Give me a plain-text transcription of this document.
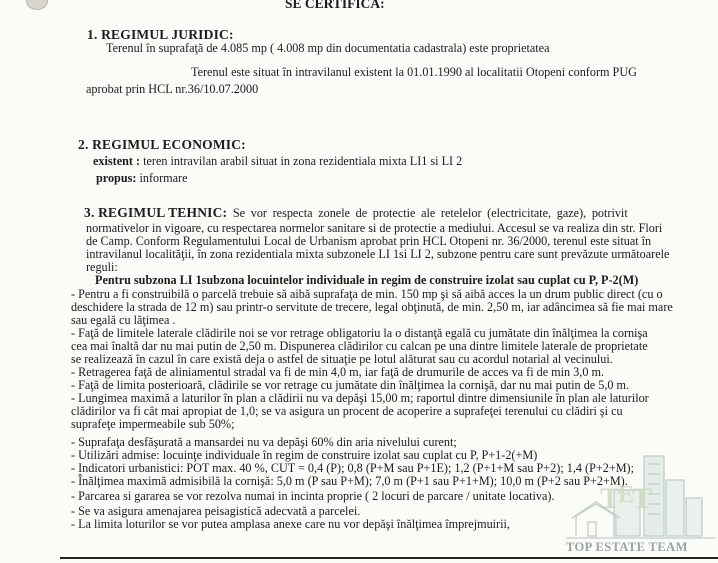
SE CERTIFICA:
1. REGIMUL JURIDIC:
Terenul în suprafaţă de 4.085 mp ( 4.008 mp din documentatia cadastrala) este proprietatea
Terenul este situat în intravilanul existent la 01.01.1990 al localitatii Otopeni conform PUG
aprobat prin HCL nr.36/10.07.2000
2. REGIMUL ECONOMIC:
existent : teren intravilan arabil situat in zona rezidentiala mixta LI1 si LI 2
propus: informare
3. REGIMUL TEHNIC: Se vor respecta zonele de protectie ale retelelor (electricitate, gaze), potrivit
normativelor in vigoare, cu respectarea normelor sanitare si de protectie a mediului. Accesul se va realiza din str. Flori
de Camp. Conform Regulamentului Local de Urbanism aprobat prin HCL Otopeni nr. 36/2000, terenul este situat în
intravilanul localităţii, în zona rezidentiala mixta subzonele LI 1si LI 2, subzone pentru care sunt prevăzute următoarele
reguli:
Pentru subzona LI 1subzona locuintelor individuale in regim de construire izolat sau cuplat cu P, P-2(M)
- Pentru a fi construibilă o parcelă trebuie să aibă suprafaţa de min. 150 mp şi să aibă acces la un drum public direct (cu o
deschidere la strada de 12 m) sau printr-o servitute de trecere, legal obţinută, de min. 2,50 m, iar adâncimea să fie mai mare
sau egală cu lăţimea .
- Faţă de limitele laterale clădirile noi se vor retrage obligatoriu la o distanţă egală cu jumătate din înălţimea la cornişa
cea mai înaltă dar nu mai putin de 2,50 m. Dispunerea clădirilor cu calcan pe una dintre limitele laterale de proprietate
se realizează în cazul în care există deja o astfel de situaţie pe lotul alăturat sau cu acordul notarial al vecinului.
- Retragerea faţă de aliniamentul stradal va fi de min 4,0 m, iar faţă de drumurile de acces va fi de min 3,0 m.
- Faţă de limita posterioară, clădirile se vor retrage cu jumătate din înălţimea la cornişă, dar nu mai putin de 5,0 m.
- Lungimea maximă a laturilor în plan a clădirii nu va depăşi 15,00 m; raportul dintre dimensiunile în plan ale laturilor
clădirilor va fi cât mai apropiat de 1,0; se va asigura un procent de acoperire a suprafeţei terenului cu clădiri şi cu
suprafeţe impermeabile sub 50%;
- Suprafaţa desfăşurată a mansardei nu va depăşi 60% din aria nivelului curent;
- Utilizări admise: locuinţe individuale în regim de construire izolat sau cuplat cu P, P+1-2(+M)
- Indicatori urbanistici: POT max. 40 %, CUT = 0,4 (P); 0,8 (P+M sau P+1E); 1,2 (P+1+M sau P+2); 1,4 (P+2+M);
- Înălţimea maximă admisibilă la cornişă: 5,0 m (P sau P+M); 7,0 m (P+1 sau P+1+M); 10,0 m (P+2 sau P+2+M).
- Parcarea si gararea se vor rezolva numai in incinta proprie ( 2 locuri de parcare / unitate locativa).
- Se va asigura amenajarea peisagistică adecvată a parcelei.
- La limita loturilor se vor putea amplasa anexe care nu vor depăşi înălţimea împrejmuirii,
T
E
T
TOP ESTATE TEAM
